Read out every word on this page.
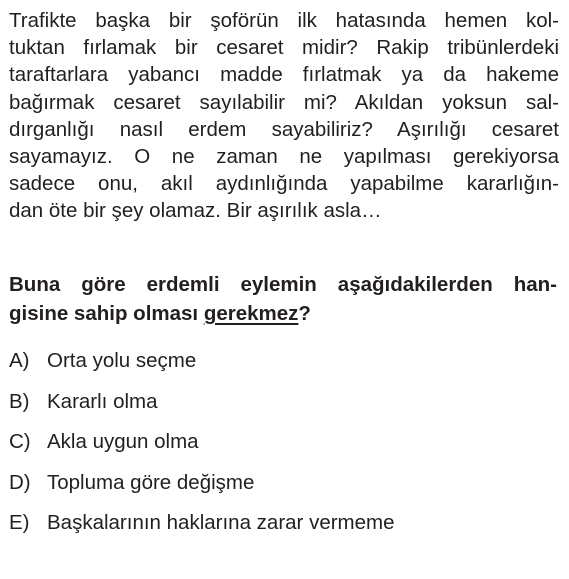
Trafikte başka bir şoförün ilk hatasında hemen kol-
tuktan fırlamak bir cesaret midir? Rakip tribünlerdeki
taraftarlara yabancı madde fırlatmak ya da hakeme
bağırmak cesaret sayılabilir mi? Akıldan yoksun sal-
dırganlığı nasıl erdem sayabiliriz? Aşırılığı cesaret
sayamayız. O ne zaman ne yapılması gerekiyorsa
sadece onu, akıl aydınlığında yapabilme kararlığın-
dan öte bir şey olamaz. Bir aşırılık asla…
Buna göre erdemli eylemin aşağıdakilerden han-
gisine sahip olması gerekmez?
A) Orta yolu seçme
B) Kararlı olma
C) Akla uygun olma
D) Topluma göre değişme
E) Başkalarının haklarına zarar vermeme
